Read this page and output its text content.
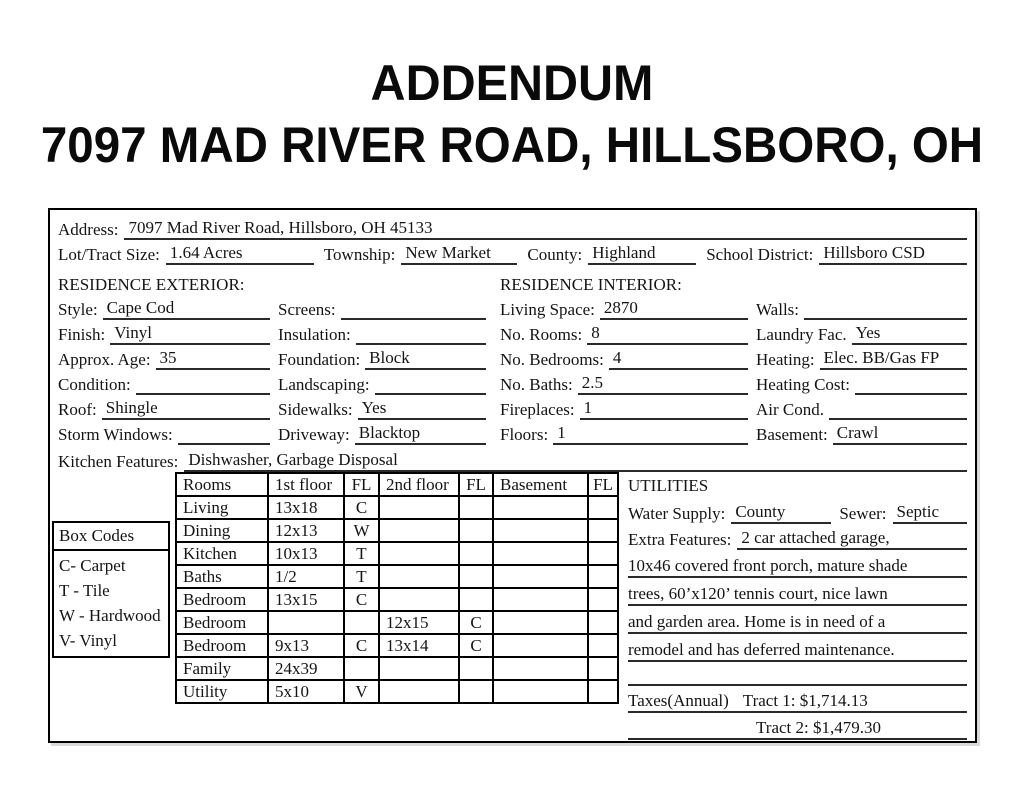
ADDENDUM
7097 MAD RIVER ROAD, HILLSBORO, OH
Address: 7097 Mad River Road, Hillsboro, OH 45133
Lot/Tract Size: 1.64 Acres	Township: New Market	County: Highland	School District: Hillsboro CSD
RESIDENCE EXTERIOR:
Style: Cape Cod	Screens:
Finish: Vinyl	Insulation:
Approx. Age: 35	Foundation: Block
Condition:	Landscaping:
Roof: Shingle	Sidewalks: Yes
Storm Windows:	Driveway: Blacktop
RESIDENCE INTERIOR:
Living Space: 2870	Walls:
No. Rooms: 8	Laundry Fac. Yes
No. Bedrooms: 4	Heating: Elec. BB/Gas FP
No. Baths: 2.5	Heating Cost:
Fireplaces: 1	Air Cond.
Floors: 1	Basement: Crawl
Kitchen Features: Dishwasher, Garbage Disposal
Box Codes
C- Carpet
T - Tile
W - Hardwood
V- Vinyl
Rooms	1st floor	FL	2nd floor	FL	Basement	FL
Living	13x18	C				
Dining	12x13	W				
Kitchen	10x13	T				
Baths	1/2	T				
Bedroom	13x15	C				
Bedroom			12x15	C		
Bedroom	9x13	C	13x14	C		
Family	24x39					
Utility	5x10	V				
UTILITIES
Water Supply: County	Sewer: Septic
Extra Features: 2 car attached garage,
10x46 covered front porch, mature shade
trees, 60’x120’ tennis court, nice lawn
and garden area. Home is in need of a
remodel and has deferred maintenance.
Taxes(Annual) Tract 1: $1,714.13
Tract 2: $1,479.30
